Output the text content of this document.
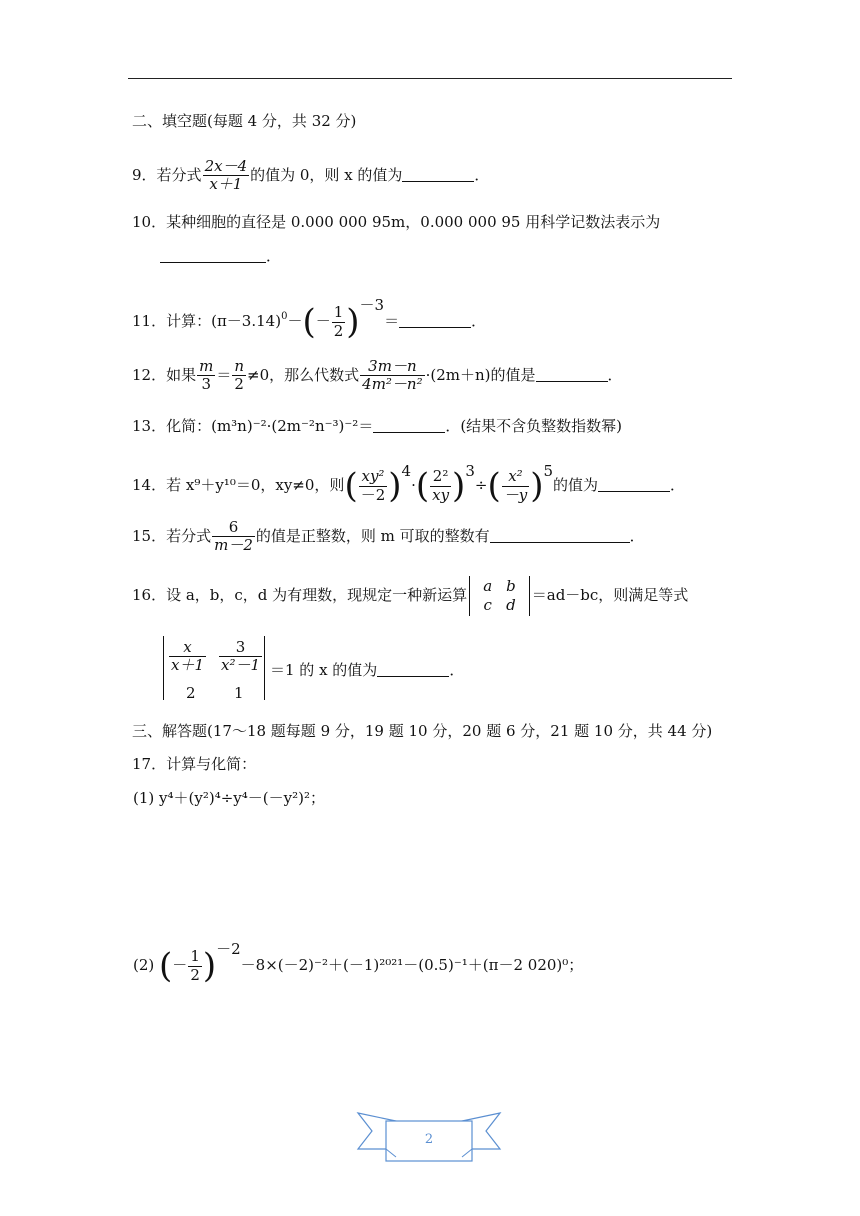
二、填空题(每题 4 分，共 32 分)
9．若分式 $\frac{2x-4}{x+1}$ 的值为 0，则 x 的值为	．
10．某种细胞的直径是 0.000 000 95m，0.000 000 95 用科学记数法表示为
．
11．计算：$(\pi-3.14)^0-(- \frac{1}{2} )-3=$	．
12．如果 $\frac{m}{3} = \frac{n}{2} \ne 0$，那么代数式 $\frac{3m-n}{\text{4m²－n²}} \cdot(2m+n)$的值是	．
13．化简：(m³n)⁻²·(2m⁻²n⁻³)⁻²＝	．(结果不含负整数指数幂)
14．若 x⁹＋y¹⁰＝0，xy≠0，则( $\frac{\text{xy²}}{-2} )4\cdot( \frac{\text{2²}}{xy} )3\div( \frac{\text{x²}}{-y} )5$的值为	．
15．若分式 $\frac{6}{m-2}$ 的值是正整数，则 m 可取的整数有	．
16．设 a，b，c，d 为有理数，现规定一种新运算 a	b
c	d
＝ad－bc，则满足等式
$\frac{x}{x+1} \frac{3}{\text{x²－1}}$
2	1
＝1 的 x 的值为	．
三、解答题(17～18 题每题 9 分，19 题 10 分，20 题 6 分，21 题 10 分，共 44 分)
17．计算与化简：
(1) y⁴＋(y²)⁴÷y⁴－(－y²)²；
(2) (－ $\frac{1}{2} )-2-8\times(-2)^{-2}+(-1)^{2021}-(0.5)^{-1}+(\pi-2$ 020)⁰；
2
